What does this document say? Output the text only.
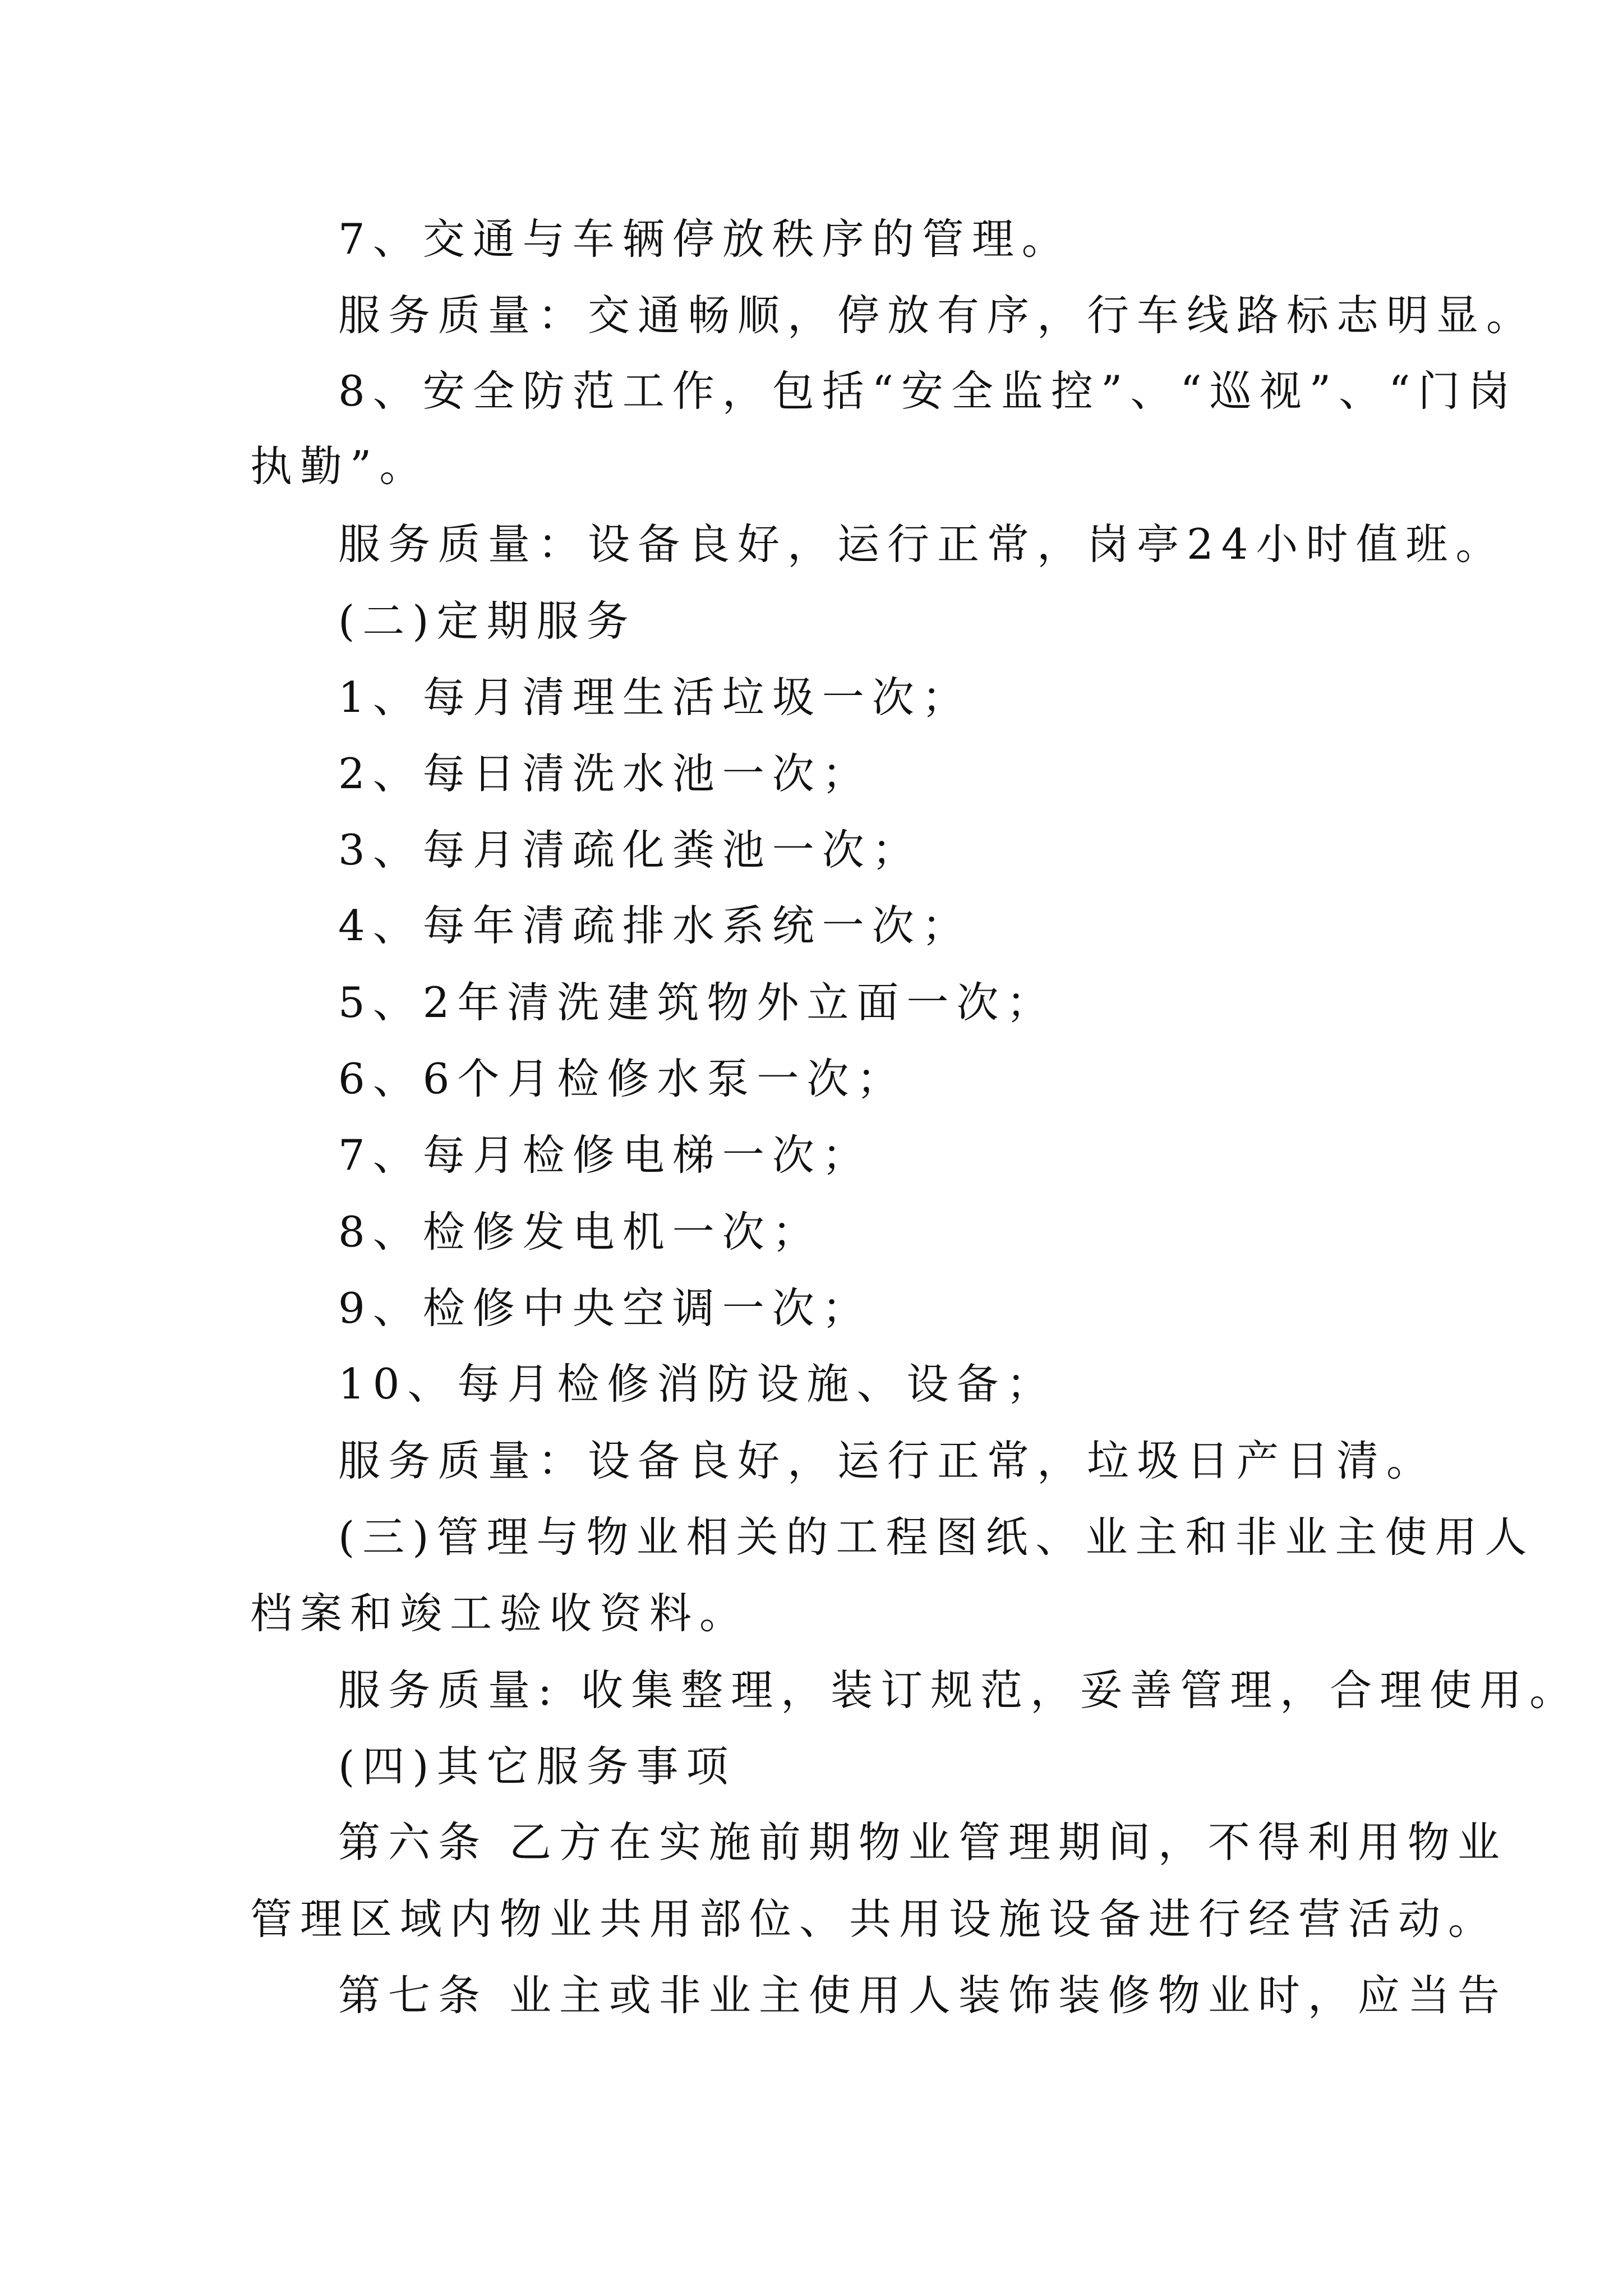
7、交通与车辆停放秩序的管理。
服务质量：交通畅顺，停放有序，行车线路标志明显。
8、安全防范工作，包括“安全监控”、“巡视”、“门岗
执勤”。
服务质量：设备良好，运行正常，岗亭24小时值班。
(二)定期服务
1、每月清理生活垃圾一次；
2、每日清洗水池一次；
3、每月清疏化粪池一次；
4、每年清疏排水系统一次；
5、2年清洗建筑物外立面一次；
6、6个月检修水泵一次；
7、每月检修电梯一次；
8、检修发电机一次；
9、检修中央空调一次；
10、每月检修消防设施、设备；
服务质量：设备良好，运行正常，垃圾日产日清。
(三)管理与物业相关的工程图纸、业主和非业主使用人
档案和竣工验收资料。
服务质量: 收集整理，装订规范，妥善管理，合理使用。
(四)其它服务事项
第六条 乙方在实施前期物业管理期间，不得利用物业
管理区域内物业共用部位、共用设施设备进行经营活动。
第七条 业主或非业主使用人装饰装修物业时，应当告
